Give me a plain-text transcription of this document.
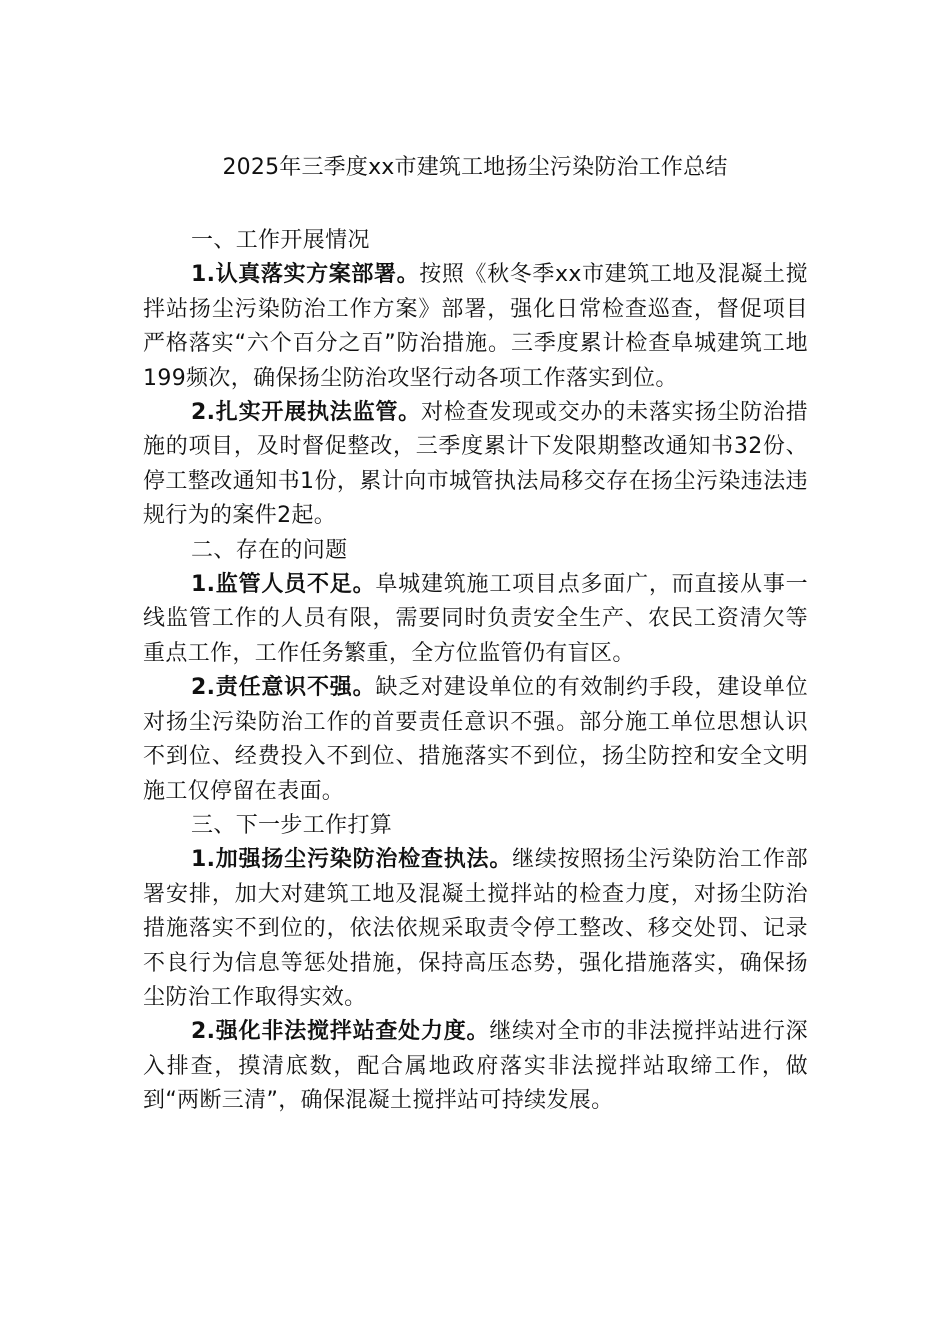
2025年三季度xx市建筑工地扬尘污染防治工作总结

一、工作开展情况

1.认真落实方案部署。按照《秋冬季xx市建筑工地及混凝土搅拌站扬尘污染防治工作方案》部署，强化日常检查巡查，督促项目严格落实“六个百分之百”防治措施。三季度累计检查阜城建筑工地199频次，确保扬尘防治攻坚行动各项工作落实到位。

2.扎实开展执法监管。对检查发现或交办的未落实扬尘防治措施的项目，及时督促整改，三季度累计下发限期整改通知书32份、停工整改通知书1份，累计向市城管执法局移交存在扬尘污染违法违规行为的案件2起。

二、存在的问题

1.监管人员不足。阜城建筑施工项目点多面广，而直接从事一线监管工作的人员有限，需要同时负责安全生产、农民工资清欠等重点工作，工作任务繁重，全方位监管仍有盲区。

2.责任意识不强。缺乏对建设单位的有效制约手段，建设单位对扬尘污染防治工作的首要责任意识不强。部分施工单位思想认识不到位、经费投入不到位、措施落实不到位，扬尘防控和安全文明施工仅停留在表面。

三、下一步工作打算

1.加强扬尘污染防治检查执法。继续按照扬尘污染防治工作部署安排，加大对建筑工地及混凝土搅拌站的检查力度，对扬尘防治措施落实不到位的，依法依规采取责令停工整改、移交处罚、记录不良行为信息等惩处措施，保持高压态势，强化措施落实，确保扬尘防治工作取得实效。

2.强化非法搅拌站查处力度。继续对全市的非法搅拌站进行深入排查，摸清底数，配合属地政府落实非法搅拌站取缔工作，做到“两断三清”，确保混凝土搅拌站可持续发展。
